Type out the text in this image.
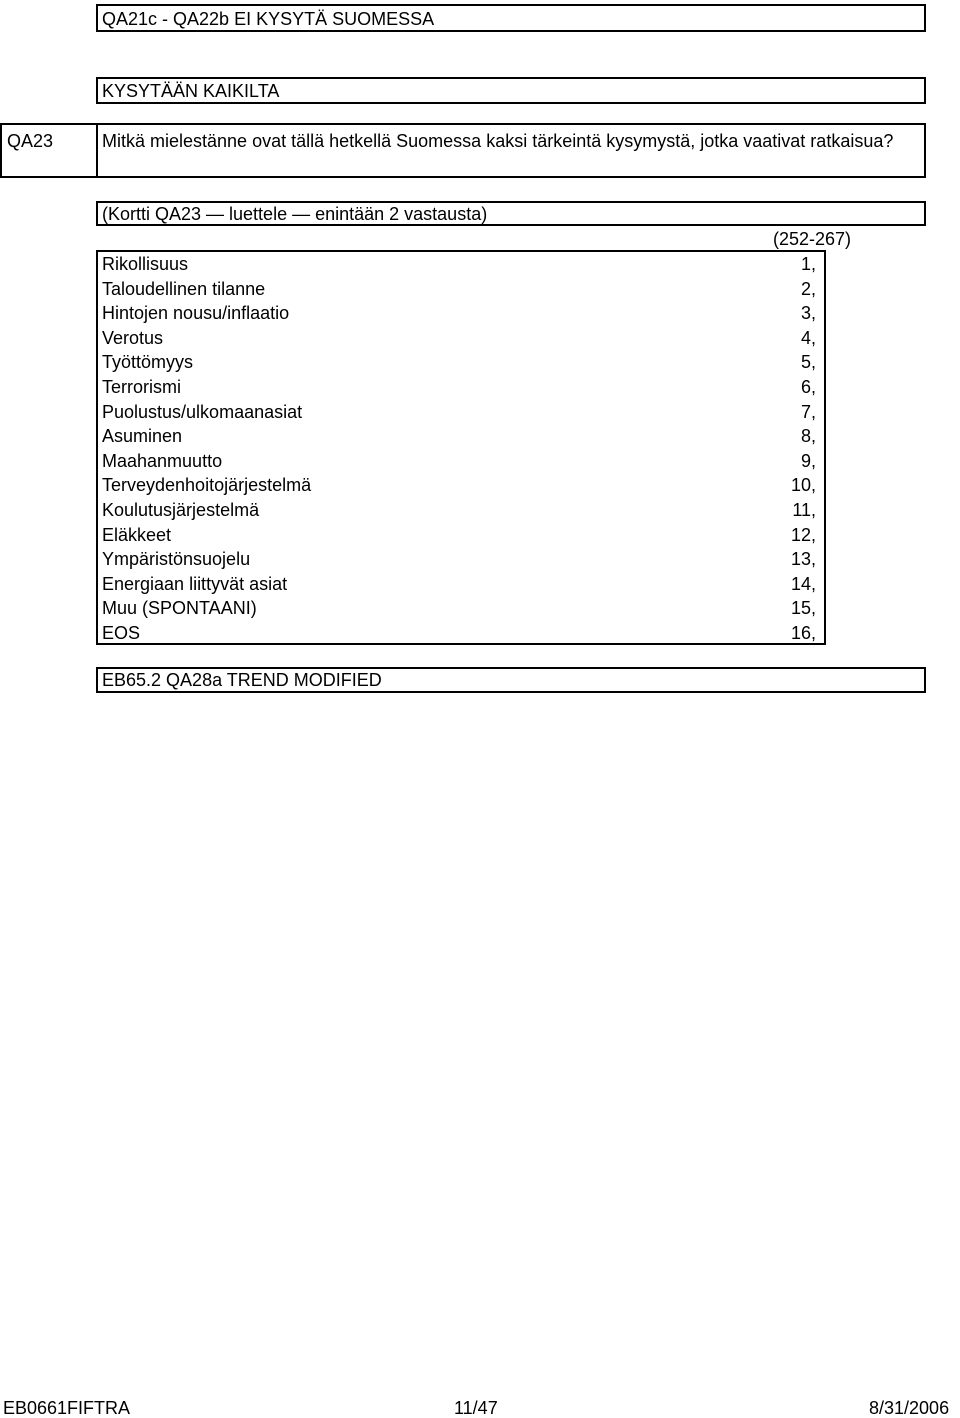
QA21c - QA22b EI KYSYTÄ SUOMESSA
KYSYTÄÄN KAIKILTA
QA23	Mitkä mielestänne ovat tällä hetkellä Suomessa kaksi tärkeintä kysymystä, jotka vaativat ratkaisua?
(Kortti QA23 — luettele — enintään 2 vastausta)
(252-267)
Rikollisuus	1,
Taloudellinen tilanne	2,
Hintojen nousu/inflaatio	3,
Verotus	4,
Työttömyys	5,
Terrorismi	6,
Puolustus/ulkomaanasiat	7,
Asuminen	8,
Maahanmuutto	9,
Terveydenhoitojärjestelmä	10,
Koulutusjärjestelmä	11,
Eläkkeet	12,
Ympäristönsuojelu	13,
Energiaan liittyvät asiat	14,
Muu (SPONTAANI)	15,
EOS	16,
EB65.2 QA28a TREND MODIFIED
EB0661FIFTRA	11/47	8/31/2006
